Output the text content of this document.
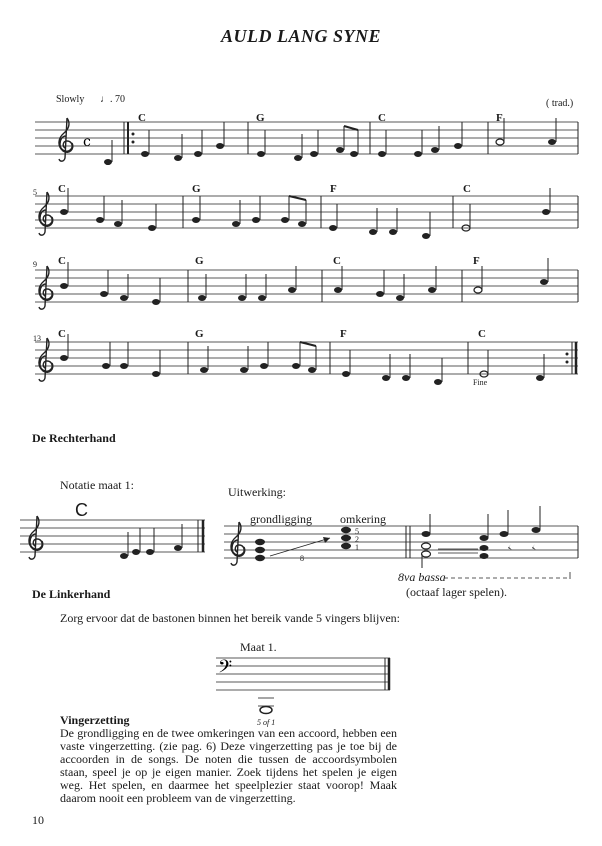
AULD LANG SYNE
Slowly ♩. 70	( trad.)
C	G	C	F
5 C	G	F	C
9 C	G	C	F
13 C	G	F	C
Fine
c
𝄢
8
5
2
1
De Rechterhand
Notatie maat 1:
C
Uitwerking:
grondligging omkering
8va bassa
(octaaf lager spelen).
De Linkerhand
Zorg ervoor dat de bastonen binnen het bereik vande 5 vingers blijven:
Maat 1.
5 of 1
Vingerzetting
De grondligging en de twee omkeringen van een accoord, hebben een vaste vingerzetting. (zie pag. 6) Deze vingerzetting pas je toe bij de accoorden in de songs. De noten die tussen de accoordsymbolen staan, speel je op je eigen manier. Zoek tijdens het spelen je eigen weg. Het spelen, en daarmee het speelplezier staat voorop! Maak daarom nooit een probleem van de vingerzetting.
10
